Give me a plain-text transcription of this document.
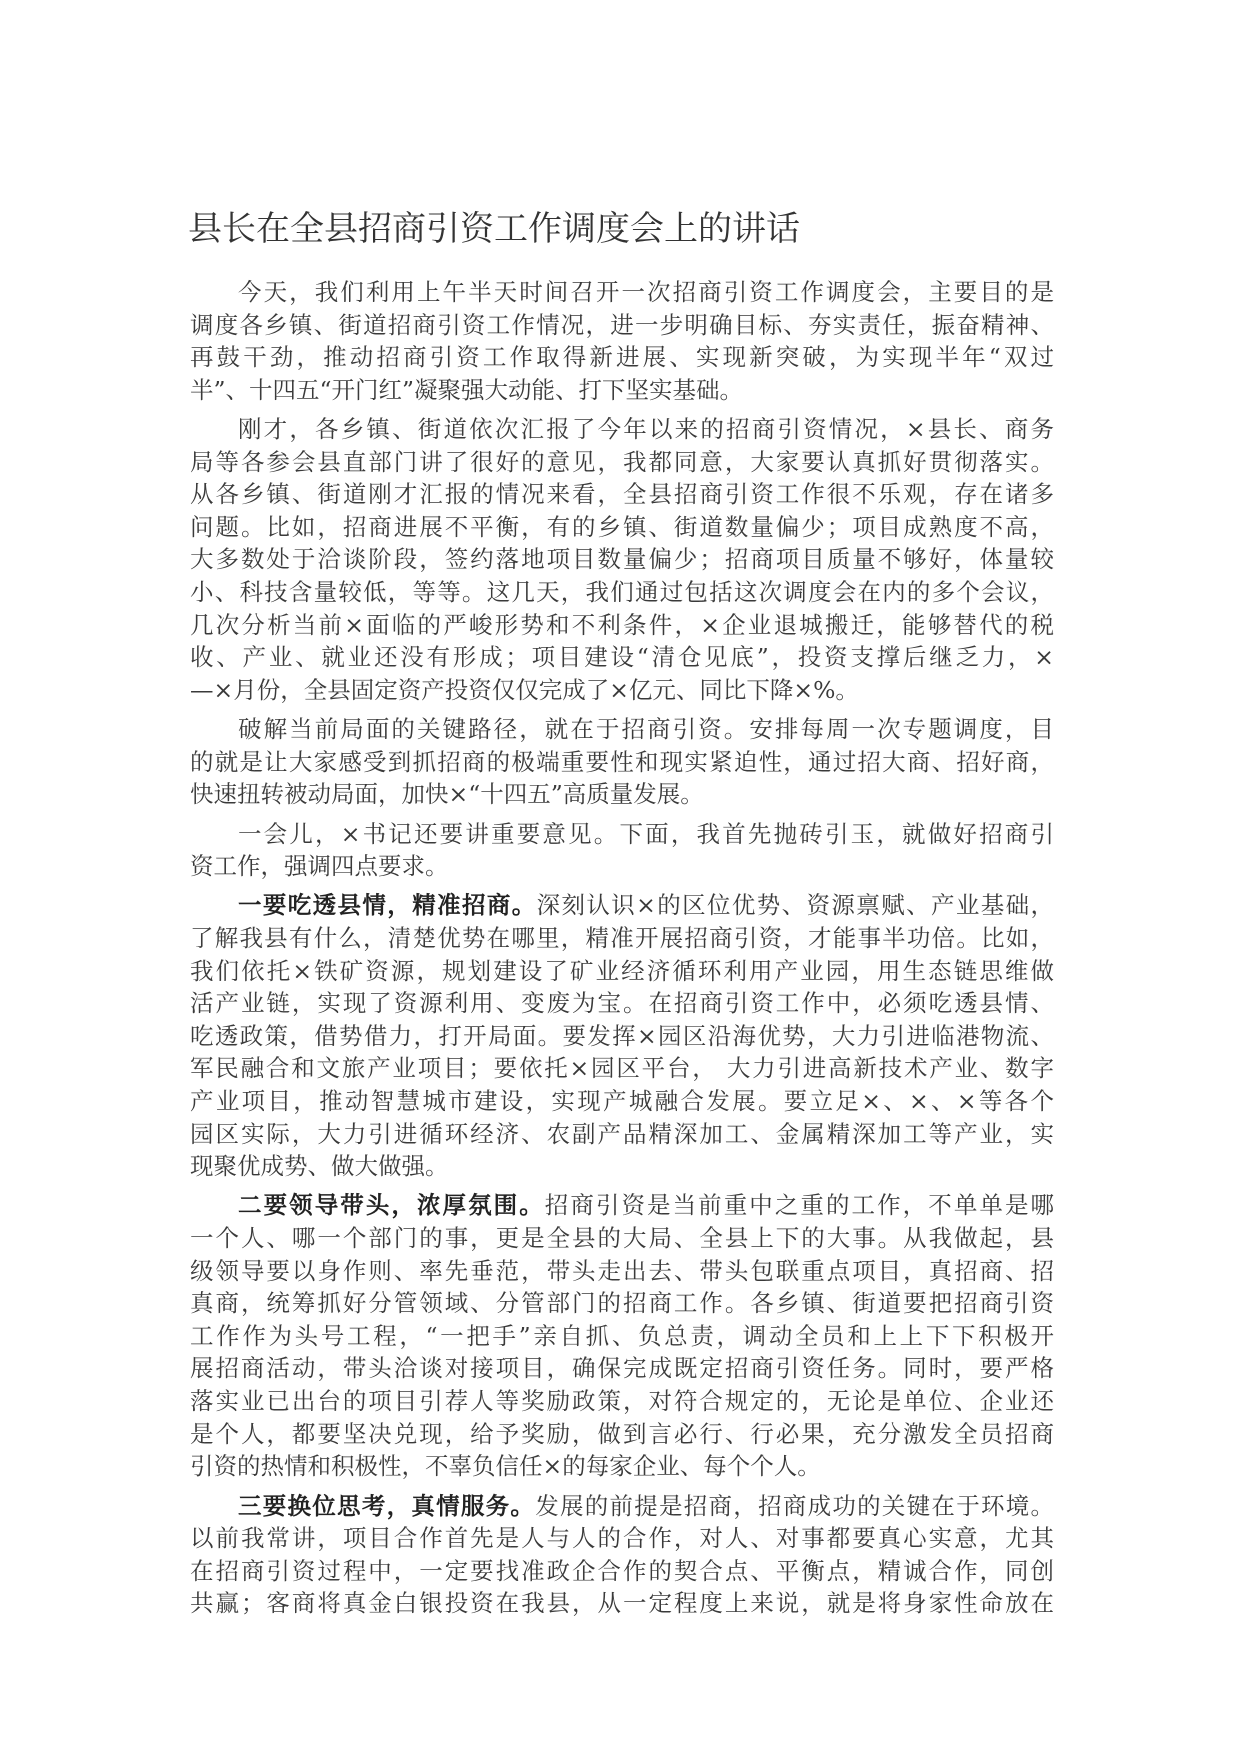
县长在全县招商引资工作调度会上的讲话
今天，我们利用上午半天时间召开一次招商引资工作调度会，主要目的是
调度各乡镇、街道招商引资工作情况，进一步明确目标、夯实责任，振奋精神、
再鼓干劲，推动招商引资工作取得新进展、实现新突破，为实现半年“双过
半”、十四五“开门红”凝聚强大动能、打下坚实基础。
刚才，各乡镇、街道依次汇报了今年以来的招商引资情况，×县长、商务
局等各参会县直部门讲了很好的意见，我都同意，大家要认真抓好贯彻落实。
从各乡镇、街道刚才汇报的情况来看，全县招商引资工作很不乐观，存在诸多
问题。比如，招商进展不平衡，有的乡镇、街道数量偏少；项目成熟度不高，
大多数处于洽谈阶段，签约落地项目数量偏少；招商项目质量不够好，体量较
小、科技含量较低，等等。这几天，我们通过包括这次调度会在内的多个会议，
几次分析当前×面临的严峻形势和不利条件，×企业退城搬迁，能够替代的税
收、产业、就业还没有形成；项目建设“清仓见底”，投资支撑后继乏力，×
—×月份，全县固定资产投资仅仅完成了×亿元、同比下降×%。
破解当前局面的关键路径，就在于招商引资。安排每周一次专题调度，目
的就是让大家感受到抓招商的极端重要性和现实紧迫性，通过招大商、招好商，
快速扭转被动局面，加快×“十四五”高质量发展。
一会儿，×书记还要讲重要意见。下面，我首先抛砖引玉，就做好招商引
资工作，强调四点要求。
一要吃透县情，精准招商。深刻认识×的区位优势、资源禀赋、产业基础，
了解我县有什么，清楚优势在哪里，精准开展招商引资，才能事半功倍。比如，
我们依托×铁矿资源，规划建设了矿业经济循环利用产业园，用生态链思维做
活产业链，实现了资源利用、变废为宝。在招商引资工作中，必须吃透县情、
吃透政策，借势借力，打开局面。要发挥×园区沿海优势，大力引进临港物流、
军民融合和文旅产业项目；要依托×园区平台， 大力引进高新技术产业、数字
产业项目，推动智慧城市建设，实现产城融合发展。要立足×、×、×等各个
园区实际，大力引进循环经济、农副产品精深加工、金属精深加工等产业，实
现聚优成势、做大做强。
二要领导带头，浓厚氛围。招商引资是当前重中之重的工作，不单单是哪
一个人、哪一个部门的事，更是全县的大局、全县上下的大事。从我做起，县
级领导要以身作则、率先垂范，带头走出去、带头包联重点项目，真招商、招
真商，统筹抓好分管领域、分管部门的招商工作。各乡镇、街道要把招商引资
工作作为头号工程，“一把手”亲自抓、负总责，调动全员和上上下下积极开
展招商活动，带头洽谈对接项目，确保完成既定招商引资任务。同时，要严格
落实业已出台的项目引荐人等奖励政策，对符合规定的，无论是单位、企业还
是个人，都要坚决兑现，给予奖励，做到言必行、行必果，充分激发全员招商
引资的热情和积极性，不辜负信任×的每家企业、每个个人。
三要换位思考，真情服务。发展的前提是招商，招商成功的关键在于环境。
以前我常讲，项目合作首先是人与人的合作，对人、对事都要真心实意，尤其
在招商引资过程中，一定要找准政企合作的契合点、平衡点，精诚合作，同创
共赢；客商将真金白银投资在我县，从一定程度上来说，就是将身家性命放在
